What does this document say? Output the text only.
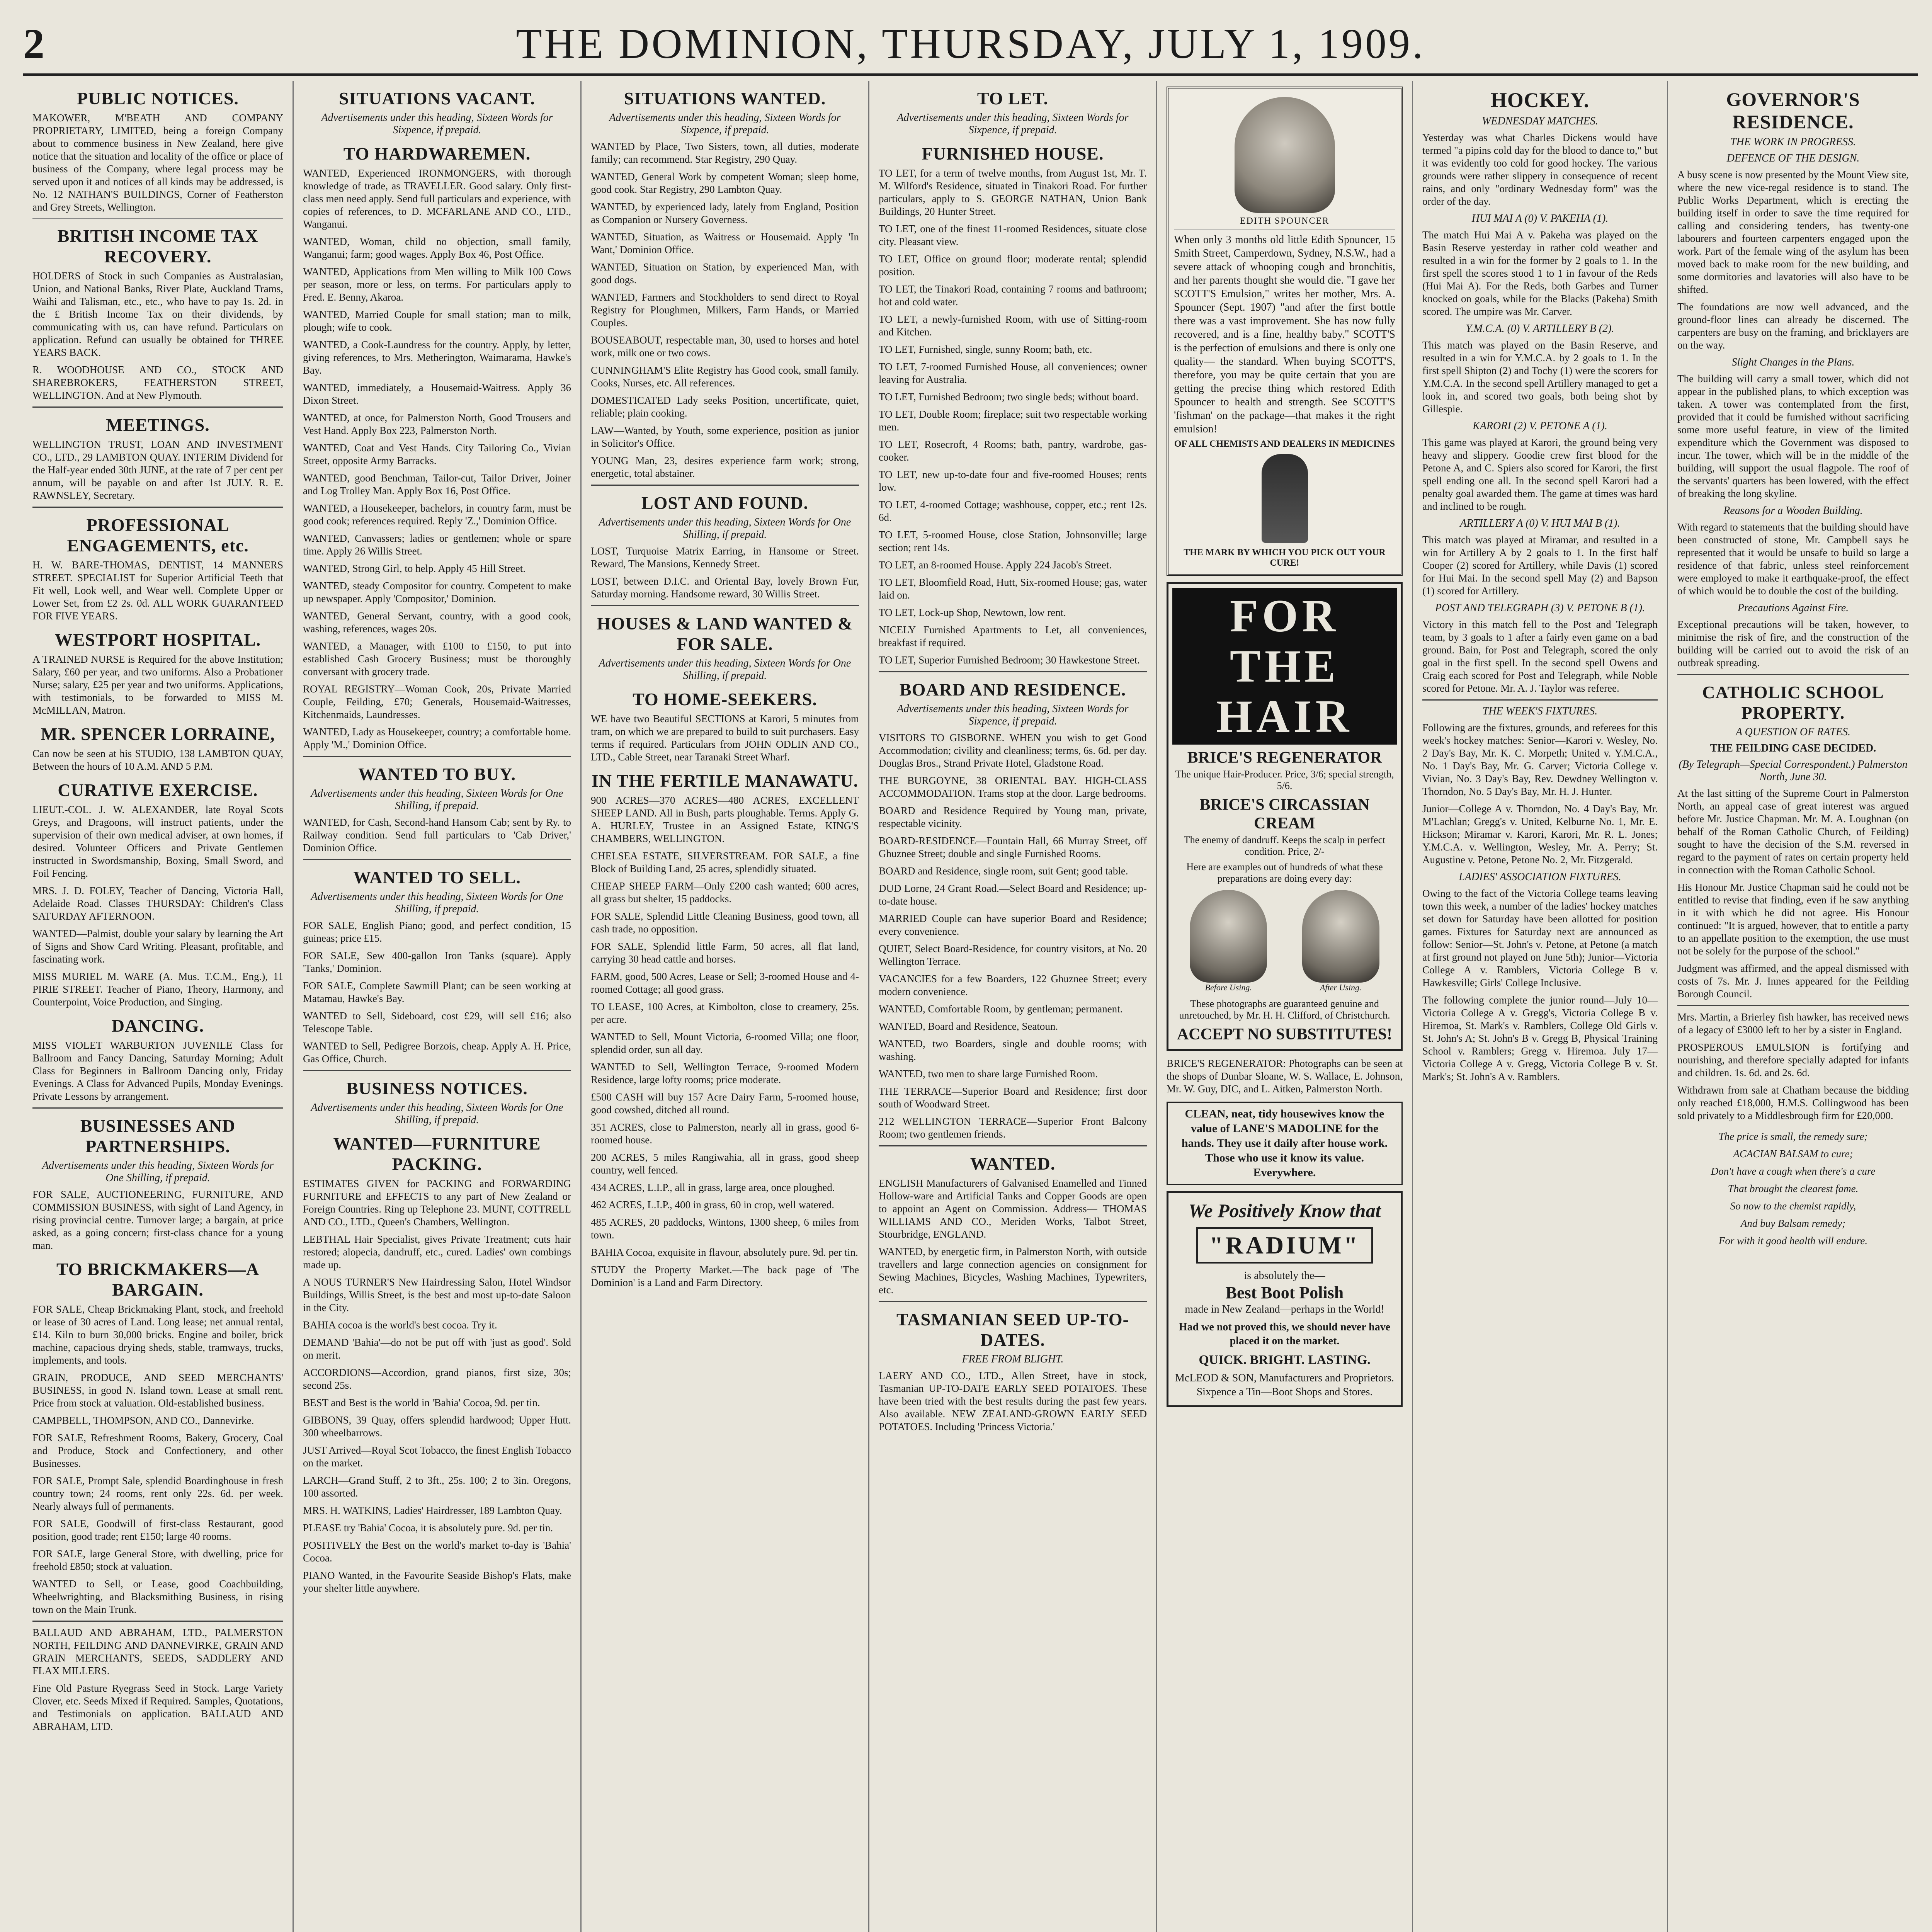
2	THE DOMINION, THURSDAY, JULY 1, 1909.
PUBLIC NOTICES.

MAKOWER, M'BEATH AND COMPANY PROPRIETARY, LIMITED, being a foreign Company about to commence business in New Zealand, here give notice that the situation and locality of the office or place of business of the Company, where legal process may be served upon it and notices of all kinds may be addressed, is No. 12 NATHAN'S BUILDINGS, Corner of Featherston and Grey Streets, Wellington.

BRITISH INCOME TAX RECOVERY.

HOLDERS of Stock in such Companies as Australasian, Union, and National Banks, River Plate, Auckland Trams, Waihi and Talisman, etc., etc., who have to pay 1s. 2d. in the £ British Income Tax on their dividends, by communicating with us, can have refund. Particulars on application. Refund can usually be obtained for THREE YEARS BACK.

R. WOODHOUSE AND CO., STOCK AND SHAREBROKERS, FEATHERSTON STREET, WELLINGTON. And at New Plymouth.

MEETINGS.

WELLINGTON TRUST, LOAN AND INVESTMENT CO., LTD., 29 LAMBTON QUAY. INTERIM Dividend for the Half-year ended 30th JUNE, at the rate of 7 per cent per annum, will be payable on and after 1st JULY. R. E. RAWNSLEY, Secretary.

PROFESSIONAL ENGAGEMENTS, etc.

H. W. BARE-THOMAS, DENTIST, 14 MANNERS STREET. SPECIALIST for Superior Artificial Teeth that Fit well, Look well, and Wear well. Complete Upper or Lower Set, from £2 2s. 0d. ALL WORK GUARANTEED FOR FIVE YEARS.

WESTPORT HOSPITAL.

A TRAINED NURSE is Required for the above Institution; Salary, £60 per year, and two uniforms. Also a Probationer Nurse; salary, £25 per year and two uniforms. Applications, with testimonials, to be forwarded to MISS M. McMILLAN, Matron.

MR. SPENCER LORRAINE,

Can now be seen at his STUDIO, 138 LAMBTON QUAY, Between the hours of 10 A.M. AND 5 P.M.

CURATIVE EXERCISE.

LIEUT.-COL. J. W. ALEXANDER, late Royal Scots Greys, and Dragoons, will instruct patients, under the supervision of their own medical adviser, at own homes, if desired. Volunteer Officers and Private Gentlemen instructed in Swordsmanship, Boxing, Small Sword, and Foil Fencing.

MRS. J. D. FOLEY, Teacher of Dancing, Victoria Hall, Adelaide Road. Classes THURSDAY: Children's Class SATURDAY AFTERNOON.

WANTED—Palmist, double your salary by learning the Art of Signs and Show Card Writing. Pleasant, profitable, and fascinating work.

MISS MURIEL M. WARE (A. Mus. T.C.M., Eng.), 11 PIRIE STREET. Teacher of Piano, Theory, Harmony, and Counterpoint, Voice Production, and Singing.

DANCING.

MISS VIOLET WARBURTON JUVENILE Class for Ballroom and Fancy Dancing, Saturday Morning; Adult Class for Beginners in Ballroom Dancing only, Friday Evenings. A Class for Advanced Pupils, Monday Evenings. Private Lessons by arrangement.

BUSINESSES AND PARTNERSHIPS.
Advertisements under this heading, Sixteen Words for One Shilling, if prepaid.

FOR SALE, AUCTIONEERING, FURNITURE, AND COMMISSION BUSINESS, with sight of Land Agency, in rising provincial centre. Turnover large; a bargain, at price asked, as a going concern; first-class chance for a young man.

TO BRICKMAKERS—A BARGAIN.

FOR SALE, Cheap Brickmaking Plant, stock, and freehold or lease of 30 acres of Land. Long lease; net annual rental, £14. Kiln to burn 30,000 bricks. Engine and boiler, brick machine, capacious drying sheds, stable, tramways, trucks, implements, and tools.

GRAIN, PRODUCE, AND SEED MERCHANTS' BUSINESS, in good N. Island town. Lease at small rent. Price from stock at valuation. Old-established business.

CAMPBELL, THOMPSON, AND CO., Dannevirke.

FOR SALE, Refreshment Rooms, Bakery, Grocery, Coal and Produce, Stock and Confectionery, and other Businesses.

FOR SALE, Prompt Sale, splendid Boardinghouse in fresh country town; 24 rooms, rent only 22s. 6d. per week. Nearly always full of permanents.

FOR SALE, Goodwill of first-class Restaurant, good position, good trade; rent £150; large 40 rooms.

FOR SALE, large General Store, with dwelling, price for freehold £850; stock at valuation.

WANTED to Sell, or Lease, good Coachbuilding, Wheelwrighting, and Blacksmithing Business, in rising town on the Main Trunk.

BALLAUD AND ABRAHAM, LTD., PALMERSTON NORTH, FEILDING AND DANNEVIRKE, GRAIN AND GRAIN MERCHANTS, SEEDS, SADDLERY AND FLAX MILLERS.

Fine Old Pasture Ryegrass Seed in Stock. Large Variety Clover, etc. Seeds Mixed if Required. Samples, Quotations, and Testimonials on application. BALLAUD AND ABRAHAM, LTD.

SITUATIONS VACANT.
Advertisements under this heading, Sixteen Words for Sixpence, if prepaid.
TO HARDWAREMEN.

WANTED, Experienced IRONMONGERS, with thorough knowledge of trade, as TRAVELLER. Good salary. Only first-class men need apply. Send full particulars and experience, with copies of references, to D. MCFARLANE AND CO., LTD., Wanganui.

WANTED, Woman, child no objection, small family, Wanganui; farm; good wages. Apply Box 46, Post Office.

WANTED, Applications from Men willing to Milk 100 Cows per season, more or less, on terms. For particulars apply to Fred. E. Benny, Akaroa.

WANTED, Married Couple for small station; man to milk, plough; wife to cook.

WANTED, a Cook-Laundress for the country. Apply, by letter, giving references, to Mrs. Metherington, Waimarama, Hawke's Bay.

WANTED, immediately, a Housemaid-Waitress. Apply 36 Dixon Street.

WANTED, at once, for Palmerston North, Good Trousers and Vest Hand. Apply Box 223, Palmerston North.

WANTED, Coat and Vest Hands. City Tailoring Co., Vivian Street, opposite Army Barracks.

WANTED, good Benchman, Tailor-cut, Tailor Driver, Joiner and Log Trolley Man. Apply Box 16, Post Office.

WANTED, a Housekeeper, bachelors, in country farm, must be good cook; references required. Reply 'Z.,' Dominion Office.

WANTED, Canvassers; ladies or gentlemen; whole or spare time. Apply 26 Willis Street.

WANTED, Strong Girl, to help. Apply 45 Hill Street.

WANTED, steady Compositor for country. Competent to make up newspaper. Apply 'Compositor,' Dominion.

WANTED, General Servant, country, with a good cook, washing, references, wages 20s.

WANTED, a Manager, with £100 to £150, to put into established Cash Grocery Business; must be thoroughly conversant with grocery trade.

ROYAL REGISTRY—Woman Cook, 20s, Private Married Couple, Feilding, £70; Generals, Housemaid-Waitresses, Kitchenmaids, Laundresses.

WANTED, Lady as Housekeeper, country; a comfortable home. Apply 'M.,' Dominion Office.

WANTED TO BUY.
Advertisements under this heading, Sixteen Words for One Shilling, if prepaid.

WANTED, for Cash, Second-hand Hansom Cab; sent by Ry. to Railway condition. Send full particulars to 'Cab Driver,' Dominion Office.

WANTED TO SELL.
Advertisements under this heading, Sixteen Words for One Shilling, if prepaid.

FOR SALE, English Piano; good, and perfect condition, 15 guineas; price £15.

FOR SALE, Sew 400-gallon Iron Tanks (square). Apply 'Tanks,' Dominion.

FOR SALE, Complete Sawmill Plant; can be seen working at Matamau, Hawke's Bay.

WANTED to Sell, Sideboard, cost £29, will sell £16; also Telescope Table.

WANTED to Sell, Pedigree Borzois, cheap. Apply A. H. Price, Gas Office, Church.

BUSINESS NOTICES.
Advertisements under this heading, Sixteen Words for One Shilling, if prepaid.
WANTED—FURNITURE PACKING.

ESTIMATES GIVEN for PACKING and FORWARDING FURNITURE and EFFECTS to any part of New Zealand or Foreign Countries. Ring up Telephone 23. MUNT, COTTRELL AND CO., LTD., Queen's Chambers, Wellington.

LEBTHAL Hair Specialist, gives Private Treatment; cuts hair restored; alopecia, dandruff, etc., cured. Ladies' own combings made up.

A NOUS TURNER'S New Hairdressing Salon, Hotel Windsor Buildings, Willis Street, is the best and most up-to-date Saloon in the City.

BAHIA cocoa is the world's best cocoa. Try it.

DEMAND 'Bahia'—do not be put off with 'just as good'. Sold on merit.

ACCORDIONS—Accordion, grand pianos, first size, 30s; second 25s.

BEST and Best is the world in 'Bahia' Cocoa, 9d. per tin.

GIBBONS, 39 Quay, offers splendid hardwood; Upper Hutt. 300 wheelbarrows.

JUST Arrived—Royal Scot Tobacco, the finest English Tobacco on the market.

LARCH—Grand Stuff, 2 to 3ft., 25s. 100; 2 to 3in. Oregons, 100 assorted.

MRS. H. WATKINS, Ladies' Hairdresser, 189 Lambton Quay.

PLEASE try 'Bahia' Cocoa, it is absolutely pure. 9d. per tin.

POSITIVELY the Best on the world's market to-day is 'Bahia' Cocoa.

PIANO Wanted, in the Favourite Seaside Bishop's Flats, make your shelter little anywhere.

SITUATIONS WANTED.
Advertisements under this heading, Sixteen Words for Sixpence, if prepaid.

WANTED by Place, Two Sisters, town, all duties, moderate family; can recommend. Star Registry, 290 Quay.

WANTED, General Work by competent Woman; sleep home, good cook. Star Registry, 290 Lambton Quay.

WANTED, by experienced lady, lately from England, Position as Companion or Nursery Governess.

WANTED, Situation, as Waitress or Housemaid. Apply 'In Want,' Dominion Office.

WANTED, Situation on Station, by experienced Man, with good dogs.

WANTED, Farmers and Stockholders to send direct to Royal Registry for Ploughmen, Milkers, Farm Hands, or Married Couples.

BOUSEABOUT, respectable man, 30, used to horses and hotel work, milk one or two cows.

CUNNINGHAM'S Elite Registry has Good cook, small family. Cooks, Nurses, etc. All references.

DOMESTICATED Lady seeks Position, uncertificate, quiet, reliable; plain cooking.

LAW—Wanted, by Youth, some experience, position as junior in Solicitor's Office.

YOUNG Man, 23, desires experience farm work; strong, energetic, total abstainer.

LOST AND FOUND.
Advertisements under this heading, Sixteen Words for One Shilling, if prepaid.

LOST, Turquoise Matrix Earring, in Hansome or Street. Reward, The Mansions, Kennedy Street.

LOST, between D.I.C. and Oriental Bay, lovely Brown Fur, Saturday morning. Handsome reward, 30 Willis Street.

HOUSES & LAND WANTED & FOR SALE.
Advertisements under this heading, Sixteen Words for One Shilling, if prepaid.
TO HOME-SEEKERS.

WE have two Beautiful SECTIONS at Karori, 5 minutes from tram, on which we are prepared to build to suit purchasers. Easy terms if required. Particulars from JOHN ODLIN AND CO., LTD., Cable Street, near Taranaki Street Wharf.

IN THE FERTILE MANAWATU.

900 ACRES—370 ACRES—480 ACRES, EXCELLENT SHEEP LAND. All in Bush, parts ploughable. Terms. Apply G. A. HURLEY, Trustee in an Assigned Estate, KING'S CHAMBERS, WELLINGTON.

CHELSEA ESTATE, SILVERSTREAM. FOR SALE, a fine Block of Building Land, 25 acres, splendidly situated.

CHEAP SHEEP FARM—Only £200 cash wanted; 600 acres, all grass but shelter, 15 paddocks.

FOR SALE, Splendid Little Cleaning Business, good town, all cash trade, no opposition.

FOR SALE, Splendid little Farm, 50 acres, all flat land, carrying 30 head cattle and horses.

FARM, good, 500 Acres, Lease or Sell; 3-roomed House and 4-roomed Cottage; all good grass.

TO LEASE, 100 Acres, at Kimbolton, close to creamery, 25s. per acre.

WANTED to Sell, Mount Victoria, 6-roomed Villa; one floor, splendid order, sun all day.

WANTED to Sell, Wellington Terrace, 9-roomed Modern Residence, large lofty rooms; price moderate.

£500 CASH will buy 157 Acre Dairy Farm, 5-roomed house, good cowshed, ditched all round.

351 ACRES, close to Palmerston, nearly all in grass, good 6-roomed house.

200 ACRES, 5 miles Rangiwahia, all in grass, good sheep country, well fenced.

434 ACRES, L.I.P., all in grass, large area, once ploughed.

462 ACRES, L.I.P., 400 in grass, 60 in crop, well watered.

485 ACRES, 20 paddocks, Wintons, 1300 sheep, 6 miles from town.

BAHIA Cocoa, exquisite in flavour, absolutely pure. 9d. per tin.

STUDY the Property Market.—The back page of 'The Dominion' is a Land and Farm Directory.

TO LET.
Advertisements under this heading, Sixteen Words for Sixpence, if prepaid.
FURNISHED HOUSE.

TO LET, for a term of twelve months, from August 1st, Mr. T. M. Wilford's Residence, situated in Tinakori Road. For further particulars, apply to S. GEORGE NATHAN, Union Bank Buildings, 20 Hunter Street.

TO LET, one of the finest 11-roomed Residences, situate close city. Pleasant view.

TO LET, Office on ground floor; moderate rental; splendid position.

TO LET, the Tinakori Road, containing 7 rooms and bathroom; hot and cold water.

TO LET, a newly-furnished Room, with use of Sitting-room and Kitchen.

TO LET, Furnished, single, sunny Room; bath, etc.

TO LET, 7-roomed Furnished House, all conveniences; owner leaving for Australia.

TO LET, Furnished Bedroom; two single beds; without board.

TO LET, Double Room; fireplace; suit two respectable working men.

TO LET, Rosecroft, 4 Rooms; bath, pantry, wardrobe, gas-cooker.

TO LET, new up-to-date four and five-roomed Houses; rents low.

TO LET, 4-roomed Cottage; washhouse, copper, etc.; rent 12s. 6d.

TO LET, 5-roomed House, close Station, Johnsonville; large section; rent 14s.

TO LET, an 8-roomed House. Apply 224 Jacob's Street.

TO LET, Bloomfield Road, Hutt, Six-roomed House; gas, water laid on.

TO LET, Lock-up Shop, Newtown, low rent.

NICELY Furnished Apartments to Let, all conveniences, breakfast if required.

TO LET, Superior Furnished Bedroom; 30 Hawkestone Street.

BOARD AND RESIDENCE.
Advertisements under this heading, Sixteen Words for Sixpence, if prepaid.

VISITORS TO GISBORNE. WHEN you wish to get Good Accommodation; civility and cleanliness; terms, 6s. 6d. per day. Douglas Bros., Strand Private Hotel, Gladstone Road.

THE BURGOYNE, 38 ORIENTAL BAY. HIGH-CLASS ACCOMMODATION. Trams stop at the door. Large bedrooms.

BOARD and Residence Required by Young man, private, respectable vicinity.

BOARD-RESIDENCE—Fountain Hall, 66 Murray Street, off Ghuznee Street; double and single Furnished Rooms.

BOARD and Residence, single room, suit Gent; good table.

DUD Lorne, 24 Grant Road.—Select Board and Residence; up-to-date house.

MARRIED Couple can have superior Board and Residence; every convenience.

QUIET, Select Board-Residence, for country visitors, at No. 20 Wellington Terrace.

VACANCIES for a few Boarders, 122 Ghuznee Street; every modern convenience.

WANTED, Comfortable Room, by gentleman; permanent.

WANTED, Board and Residence, Seatoun.

WANTED, two Boarders, single and double rooms; with washing.

WANTED, two men to share large Furnished Room.

THE TERRACE—Superior Board and Residence; first door south of Woodward Street.

212 WELLINGTON TERRACE—Superior Front Balcony Room; two gentlemen friends.

WANTED.

ENGLISH Manufacturers of Galvanised Enamelled and Tinned Hollow-ware and Artificial Tanks and Copper Goods are open to appoint an Agent on Commission. Address— THOMAS WILLIAMS AND CO., Meriden Works, Talbot Street, Stourbridge, ENGLAND.

WANTED, by energetic firm, in Palmerston North, with outside travellers and large connection agencies on consignment for Sewing Machines, Bicycles, Washing Machines, Typewriters, etc.

TASMANIAN SEED UP-TO-DATES.
FREE FROM BLIGHT.

LAERY AND CO., LTD., Allen Street, have in stock, Tasmanian UP-TO-DATE EARLY SEED POTATOES. These have been tried with the best results during the past few years. Also available. NEW ZEALAND-GROWN EARLY SEED POTATOES. Including 'Princess Victoria.'

EDITH SPOUNCER
When only 3 months old little Edith Spouncer, 15 Smith Street, Camperdown, Sydney, N.S.W., had a severe attack of whooping cough and bronchitis, and her parents thought she would die. "I gave her SCOTT'S Emulsion," writes her mother, Mrs. A. Spouncer (Sept. 1907) "and after the first bottle there was a vast improvement. She has now fully recovered, and is a fine, healthy baby." SCOTT'S is the perfection of emulsions and there is only one quality— the standard. When buying SCOTT'S, therefore, you may be quite certain that you are getting the precise thing which restored Edith Spouncer to health and strength. See SCOTT'S 'fishman' on the package—that makes it the right emulsion!
OF ALL CHEMISTS AND DEALERS IN MEDICINES
THE MARK BY WHICH YOU PICK OUT YOUR CURE!
FOR THE HAIR
BRICE'S REGENERATOR
The unique Hair-Producer. Price, 3/6; special strength, 5/6.
BRICE'S CIRCASSIAN CREAM
The enemy of dandruff. Keeps the scalp in perfect condition. Price, 2/-
Here are examples out of hundreds of what these preparations are doing every day:
Before Using.	After Using.
These photographs are guaranteed genuine and unretouched, by Mr. H. H. Clifford, of Christchurch.
ACCEPT NO SUBSTITUTES!

BRICE'S REGENERATOR: Photographs can be seen at the shops of Dunbar Sloane, W. S. Wallace, E. Johnson, Mr. W. Guy, DIC, and L. Aitken, Palmerston North.

CLEAN, neat, tidy housewives know the value of LANE'S MADOLINE for the hands. They use it daily after house work. Those who use it know its value. Everywhere.
We Positively Know that
"RADIUM"
is absolutely the—
Best Boot Polish
made in New Zealand—perhaps in the World!
Had we not proved this, we should never have placed it on the market.
QUICK. BRIGHT. LASTING.
McLEOD & SON, Manufacturers and Proprietors.
Sixpence a Tin—Boot Shops and Stores.
HOCKEY.
WEDNESDAY MATCHES.

Yesterday was what Charles Dickens would have termed "a pipins cold day for the blood to dance to," but it was evidently too cold for good hockey. The various grounds were rather slippery in consequence of recent rains, and only "ordinary Wednesday form" was the order of the day.

HUI MAI A (0) V. PAKEHA (1).

The match Hui Mai A v. Pakeha was played on the Basin Reserve yesterday in rather cold weather and resulted in a win for the former by 2 goals to 1. In the first spell the scores stood 1 to 1 in favour of the Reds (Hui Mai A). For the Reds, both Garbes and Turner knocked on goals, while for the Blacks (Pakeha) Smith scored. The umpire was Mr. Carver.

Y.M.C.A. (0) V. ARTILLERY B (2).

This match was played on the Basin Reserve, and resulted in a win for Y.M.C.A. by 2 goals to 1. In the first spell Shipton (2) and Tochy (1) were the scorers for Y.M.C.A. In the second spell Artillery managed to get a look in, and scored two goals, both being shot by Gillespie.

KARORI (2) V. PETONE A (1).

This game was played at Karori, the ground being very heavy and slippery. Goodie crew first blood for the Petone A, and C. Spiers also scored for Karori, the first spell ending one all. In the second spell Karori had a penalty goal awarded them. The game at times was hard and inclined to be rough.

ARTILLERY A (0) V. HUI MAI B (1).

This match was played at Miramar, and resulted in a win for Artillery A by 2 goals to 1. In the first half Cooper (2) scored for Artillery, while Davis (1) scored for Hui Mai. In the second spell May (2) and Bapson (1) scored for Artillery.

POST AND TELEGRAPH (3) V. PETONE B (1).

Victory in this match fell to the Post and Telegraph team, by 3 goals to 1 after a fairly even game on a bad ground. Bain, for Post and Telegraph, scored the only goal in the first spell. In the second spell Owens and Craig each scored for Post and Telegraph, while Noble scored for Petone. Mr. A. J. Taylor was referee.

THE WEEK'S FIXTURES.

Following are the fixtures, grounds, and referees for this week's hockey matches: Senior—Karori v. Wesley, No. 2 Day's Bay, Mr. K. C. Morpeth; United v. Y.M.C.A., No. 1 Day's Bay, Mr. G. Carver; Victoria College v. Vivian, No. 3 Day's Bay, Rev. Dewdney Wellington v. Thorndon, No. 5 Day's Bay, Mr. H. J. Hunter.

Junior—College A v. Thorndon, No. 4 Day's Bay, Mr. M'Lachlan; Gregg's v. United, Kelburne No. 1, Mr. E. Hickson; Miramar v. Karori, Karori, Mr. R. L. Jones; Y.M.C.A. v. Wellington, Wesley, Mr. A. Perry; St. Augustine v. Petone, Petone No. 2, Mr. Fitzgerald.

LADIES' ASSOCIATION FIXTURES.

Owing to the fact of the Victoria College teams leaving town this week, a number of the ladies' hockey matches set down for Saturday have been allotted for position games. Fixtures for Saturday next are announced as follow: Senior—St. John's v. Petone, at Petone (a match at first ground not played on June 5th); Junior—Victoria College A v. Ramblers, Victoria College B v. Hawkesville; Girls' College Inclusive.

The following complete the junior round—July 10—Victoria College A v. Gregg's, Victoria College B v. Hiremoa, St. Mark's v. Ramblers, College Old Girls v. St. John's A; St. John's B v. Gregg B, Physical Training School v. Ramblers; Gregg v. Hiremoa. July 17—Victoria College A v. Gregg, Victoria College B v. St. Mark's; St. John's A v. Ramblers.

GOVERNOR'S RESIDENCE.
THE WORK IN PROGRESS.
DEFENCE OF THE DESIGN.

A busy scene is now presented by the Mount View site, where the new vice-regal residence is to stand. The Public Works Department, which is erecting the building itself in order to save the time required for calling and considering tenders, has twenty-one labourers and fourteen carpenters engaged upon the work. Part of the female wing of the asylum has been moved back to make room for the new building, and some dormitories and lavatories will also have to be shifted.

The foundations are now well advanced, and the ground-floor lines can already be discerned. The carpenters are busy on the framing, and bricklayers are on the way.

Slight Changes in the Plans.

The building will carry a small tower, which did not appear in the published plans, to which exception was taken. A tower was contemplated from the first, provided that it could be furnished without sacrificing some more useful feature, in view of the limited expenditure which the Government was disposed to incur. The tower, which will be in the middle of the building, will support the usual flagpole. The roof of the servants' quarters has been lowered, with the effect of breaking the long skyline.

Reasons for a Wooden Building.

With regard to statements that the building should have been constructed of stone, Mr. Campbell says he represented that it would be unsafe to build so large a residence of that fabric, unless steel reinforcement were employed to make it earthquake-proof, the effect of which would be to double the cost of the building.

Precautions Against Fire.

Exceptional precautions will be taken, however, to minimise the risk of fire, and the construction of the building will be carried out to avoid the risk of an outbreak spreading.

CATHOLIC SCHOOL PROPERTY.
A QUESTION OF RATES.
THE FEILDING CASE DECIDED.
(By Telegraph—Special Correspondent.) Palmerston North, June 30.

At the last sitting of the Supreme Court in Palmerston North, an appeal case of great interest was argued before Mr. Justice Chapman. Mr. M. A. Loughnan (on behalf of the Roman Catholic Church, of Feilding) sought to have the decision of the S.M. reversed in regard to the payment of rates on certain property held in connection with the Roman Catholic School.

His Honour Mr. Justice Chapman said he could not be entitled to revise that finding, even if he saw anything in it with which he did not agree. His Honour continued: "It is argued, however, that to entitle a party to an appellate position to the exemption, the use must not be solely for the purpose of the school."

Judgment was affirmed, and the appeal dismissed with costs of 7s. Mr. J. Innes appeared for the Feilding Borough Council.

Mrs. Martin, a Brierley fish hawker, has received news of a legacy of £3000 left to her by a sister in England.

PROSPEROUS EMULSION is fortifying and nourishing, and therefore specially adapted for infants and children. 1s. 6d. and 2s. 6d.

Withdrawn from sale at Chatham because the bidding only reached £18,000, H.M.S. Collingwood has been sold privately to a Middlesbrough firm for £20,000.

The price is small, the remedy sure;

ACACIAN BALSAM to cure;

Don't have a cough when there's a cure

That brought the clearest fame.

So now to the chemist rapidly,

And buy Balsam remedy;

For with it good health will endure.
